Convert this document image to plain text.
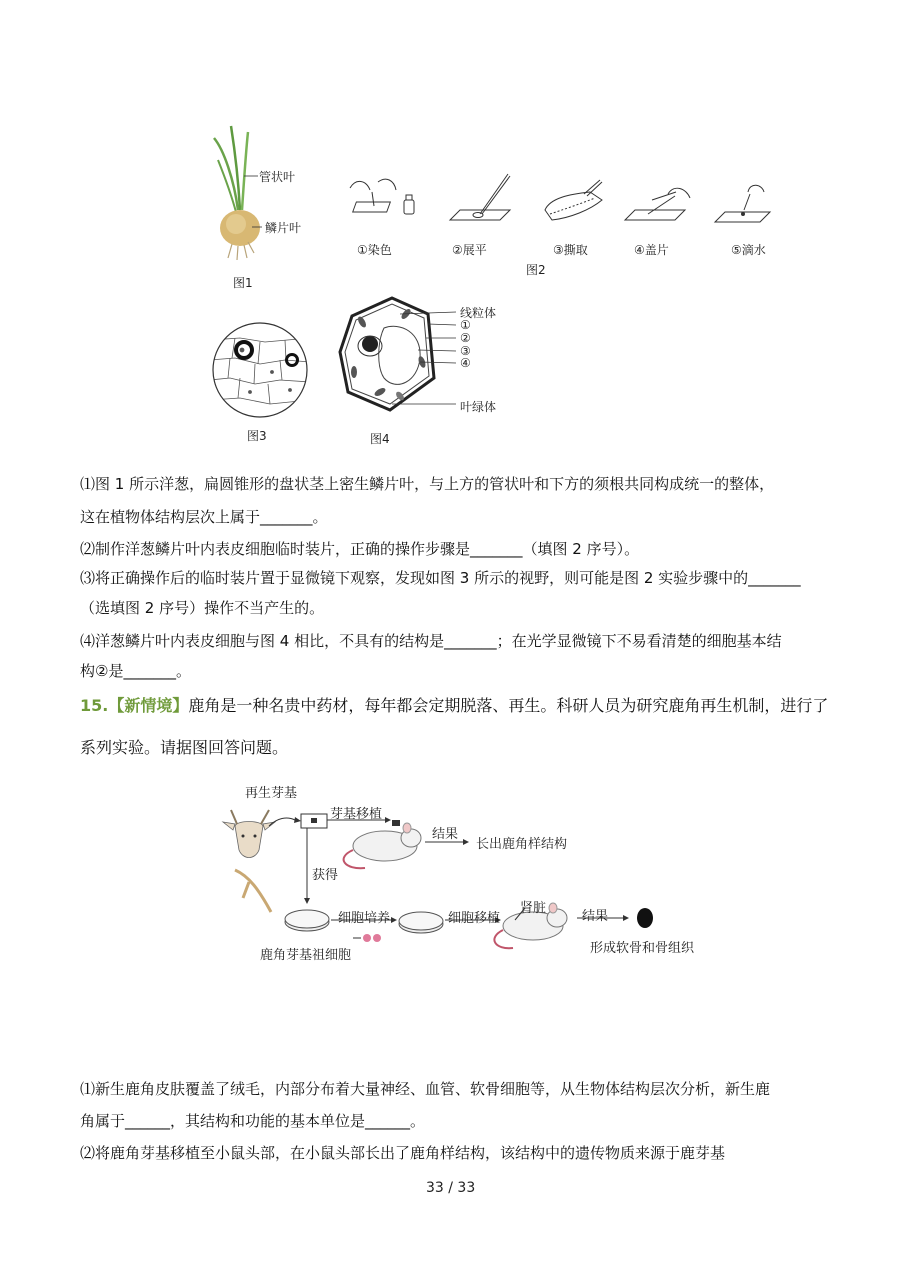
管状叶
鳞片叶
图1
①染色	②展平	③撕取	④盖片	⑤滴水
图2
图3
线粒体
①
②
③
④
叶绿体
图4
⑴图 1 所示洋葱，扁圆锥形的盘状茎上密生鳞片叶，与上方的管状叶和下方的须根共同构成统一的整体，
这在植物体结构层次上属于_______。
⑵制作洋葱鳞片叶内表皮细胞临时装片，正确的操作步骤是_______（填图 2 序号）。
⑶将正确操作后的临时装片置于显微镜下观察，发现如图 3 所示的视野，则可能是图 2 实验步骤中的_______
（选填图 2 序号）操作不当产生的。
⑷洋葱鳞片叶内表皮细胞与图 4 相比，不具有的结构是_______；在光学显微镜下不易看清楚的细胞基本结
构②是_______。
15.【新情境】鹿角是一种名贵中药材，每年都会定期脱落、再生。科研人员为研究鹿角再生机制，进行了
系列实验。请据图回答问题。
再生芽基
芽基移植
结果
长出鹿角样结构
获得
细胞培养	细胞移植
肾脏
结果
鹿角芽基祖细胞	形成软骨和骨组织
⑴新生鹿角皮肤覆盖了绒毛，内部分布着大量神经、血管、软骨细胞等，从生物体结构层次分析，新生鹿
角属于______，其结构和功能的基本单位是______。
⑵将鹿角芽基移植至小鼠头部，在小鼠头部长出了鹿角样结构，该结构中的遗传物质来源于鹿芽基
33 / 33
